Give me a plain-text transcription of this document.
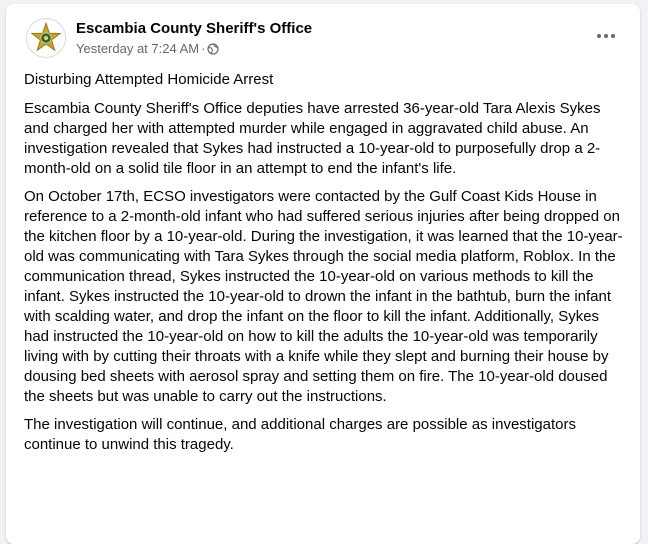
Escambia County Sheriff's Office
Yesterday at 7:24 AM ·

Disturbing Attempted Homicide Arrest

Escambia County Sheriff's Office deputies have arrested 36-year-old Tara Alexis Sykes and charged her with attempted murder while engaged in aggravated child abuse. An investigation revealed that Sykes had instructed a 10-year-old to purposefully drop a 2-month-old on a solid tile floor in an attempt to end the infant's life.

On October 17th, ECSO investigators were contacted by the Gulf Coast Kids House in reference to a 2-month-old infant who had suffered serious injuries after being dropped on the kitchen floor by a 10-year-old. During the investigation, it was learned that the 10-year-old was communicating with Tara Sykes through the social media platform, Roblox. In the communication thread, Sykes instructed the 10-year-old on various methods to kill the infant. Sykes instructed the 10-year-old to drown the infant in the bathtub, burn the infant with scalding water, and drop the infant on the floor to kill the infant. Additionally, Sykes had instructed the 10-year-old on how to kill the adults the 10-year-old was temporarily living with by cutting their throats with a knife while they slept and burning their house by dousing bed sheets with aerosol spray and setting them on fire. The 10-year-old doused the sheets but was unable to carry out the instructions.

The investigation will continue, and additional charges are possible as investigators continue to unwind this tragedy.
